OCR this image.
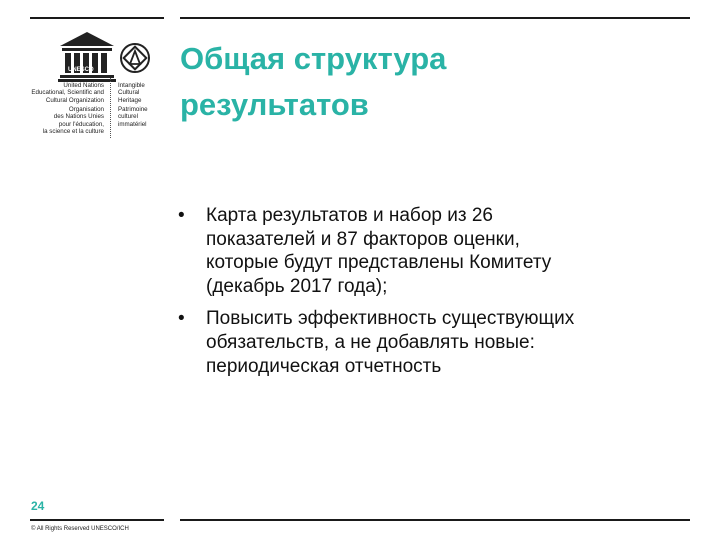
UNESCO
United Nations
Educational, Scientific and
Cultural Organization
Organisation
des Nations Unies
pour l'éducation,
la science et la culture
Intangible
Cultural
Heritage
Patrimoine
culturel
immatériel
Общая структура
результатов
•	Карта результатов и набор из 26
показателей и 87 факторов оценки,
которые будут представлены Комитету
(декабрь 2017 года);
•	Повысить эффективность существующих
обязательств, а не добавлять новые:
периодическая отчетность
24
© All Rights Reserved UNESCO/ICH
